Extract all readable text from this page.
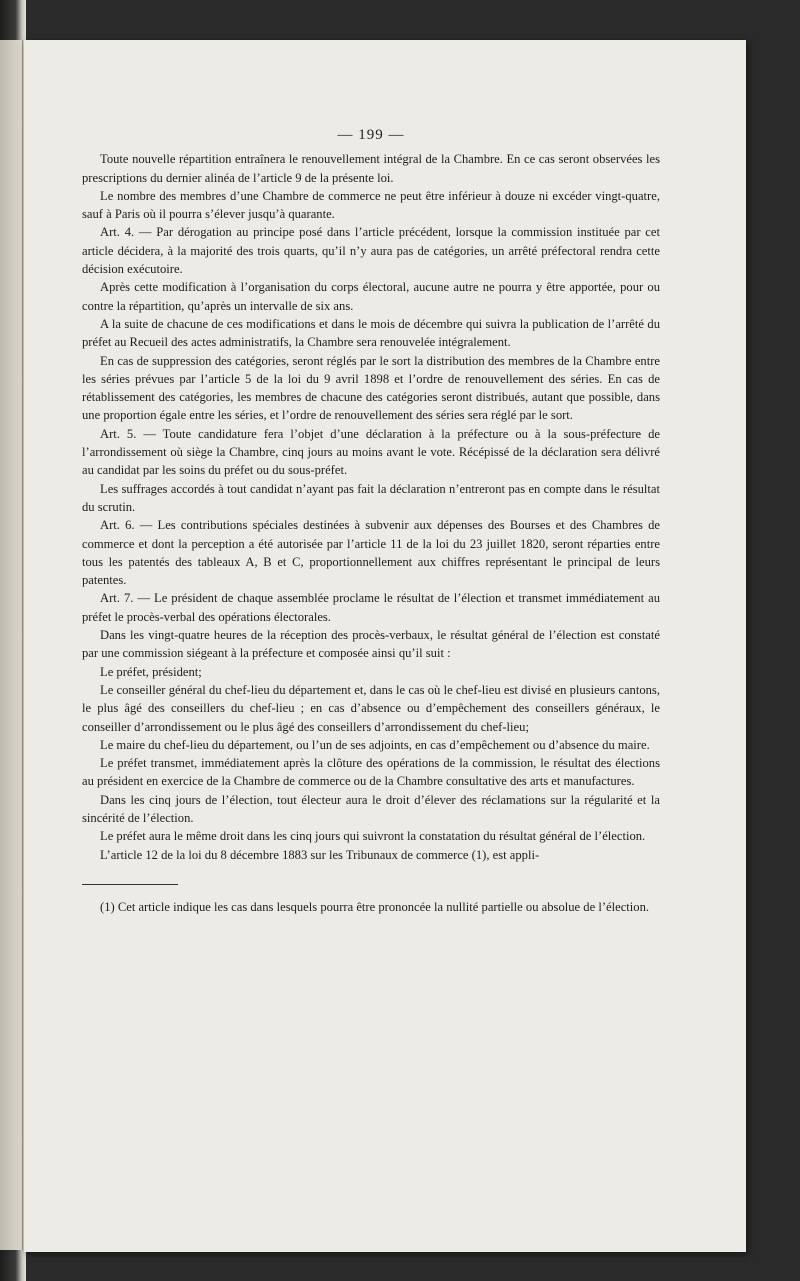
— 199 —

Toute nouvelle répartition entraînera le renouvellement intégral de la Chambre. En ce cas seront observées les prescriptions du dernier alinéa de l’article 9 de la présente loi.

Le nombre des membres d’une Chambre de commerce ne peut être inférieur à douze ni excéder vingt-quatre, sauf à Paris où il pourra s’élever jusqu’à quarante.

Art. 4. — Par dérogation au principe posé dans l’article précédent, lorsque la commission instituée par cet article décidera, à la majorité des trois quarts, qu’il n’y aura pas de catégories, un arrêté préfectoral rendra cette décision exécutoire.

Après cette modification à l’organisation du corps électoral, aucune autre ne pourra y être apportée, pour ou contre la répartition, qu’après un intervalle de six ans.

A la suite de chacune de ces modifications et dans le mois de décembre qui suivra la publication de l’arrêté du préfet au Recueil des actes administratifs, la Chambre sera renouvelée intégralement.

En cas de suppression des catégories, seront réglés par le sort la distribution des membres de la Chambre entre les séries prévues par l’article 5 de la loi du 9 avril 1898 et l’ordre de renouvellement des séries. En cas de rétablissement des catégories, les membres de chacune des catégories seront distribués, autant que possible, dans une proportion égale entre les séries, et l’ordre de renouvellement des séries sera réglé par le sort.

Art. 5. — Toute candidature fera l’objet d’une déclaration à la préfecture ou à la sous-préfecture de l’arrondissement où siège la Chambre, cinq jours au moins avant le vote. Récépissé de la déclaration sera délivré au candidat par les soins du préfet ou du sous-préfet.

Les suffrages accordés à tout candidat n’ayant pas fait la déclaration n’entreront pas en compte dans le résultat du scrutin.

Art. 6. — Les contributions spéciales destinées à subvenir aux dépenses des Bourses et des Chambres de commerce et dont la perception a été autorisée par l’article 11 de la loi du 23 juillet 1820, seront réparties entre tous les patentés des tableaux A, B et C, proportionnellement aux chiffres représentant le principal de leurs patentes.

Art. 7. — Le président de chaque assemblée proclame le résultat de l’élection et transmet immédiatement au préfet le procès-verbal des opérations électorales.

Dans les vingt-quatre heures de la réception des procès-verbaux, le résultat général de l’élection est constaté par une commission siégeant à la préfecture et composée ainsi qu’il suit :

Le préfet, président;

Le conseiller général du chef-lieu du département et, dans le cas où le chef-lieu est divisé en plusieurs cantons, le plus âgé des conseillers du chef-lieu ; en cas d’absence ou d’empêchement des conseillers généraux, le conseiller d’arrondissement ou le plus âgé des conseillers d’arrondissement du chef-lieu;

Le maire du chef-lieu du département, ou l’un de ses adjoints, en cas d’empêchement ou d’absence du maire.

Le préfet transmet, immédiatement après la clôture des opérations de la commission, le résultat des élections au président en exercice de la Chambre de commerce ou de la Chambre consultative des arts et manufactures.

Dans les cinq jours de l’élection, tout électeur aura le droit d’élever des réclamations sur la régularité et la sincérité de l’élection.

Le préfet aura le même droit dans les cinq jours qui suivront la constatation du résultat général de l’élection.

L’article 12 de la loi du 8 décembre 1883 sur les Tribunaux de commerce (1), est appli-

(1) Cet article indique les cas dans lesquels pourra être prononcée la nullité partielle ou absolue de l’élection.
